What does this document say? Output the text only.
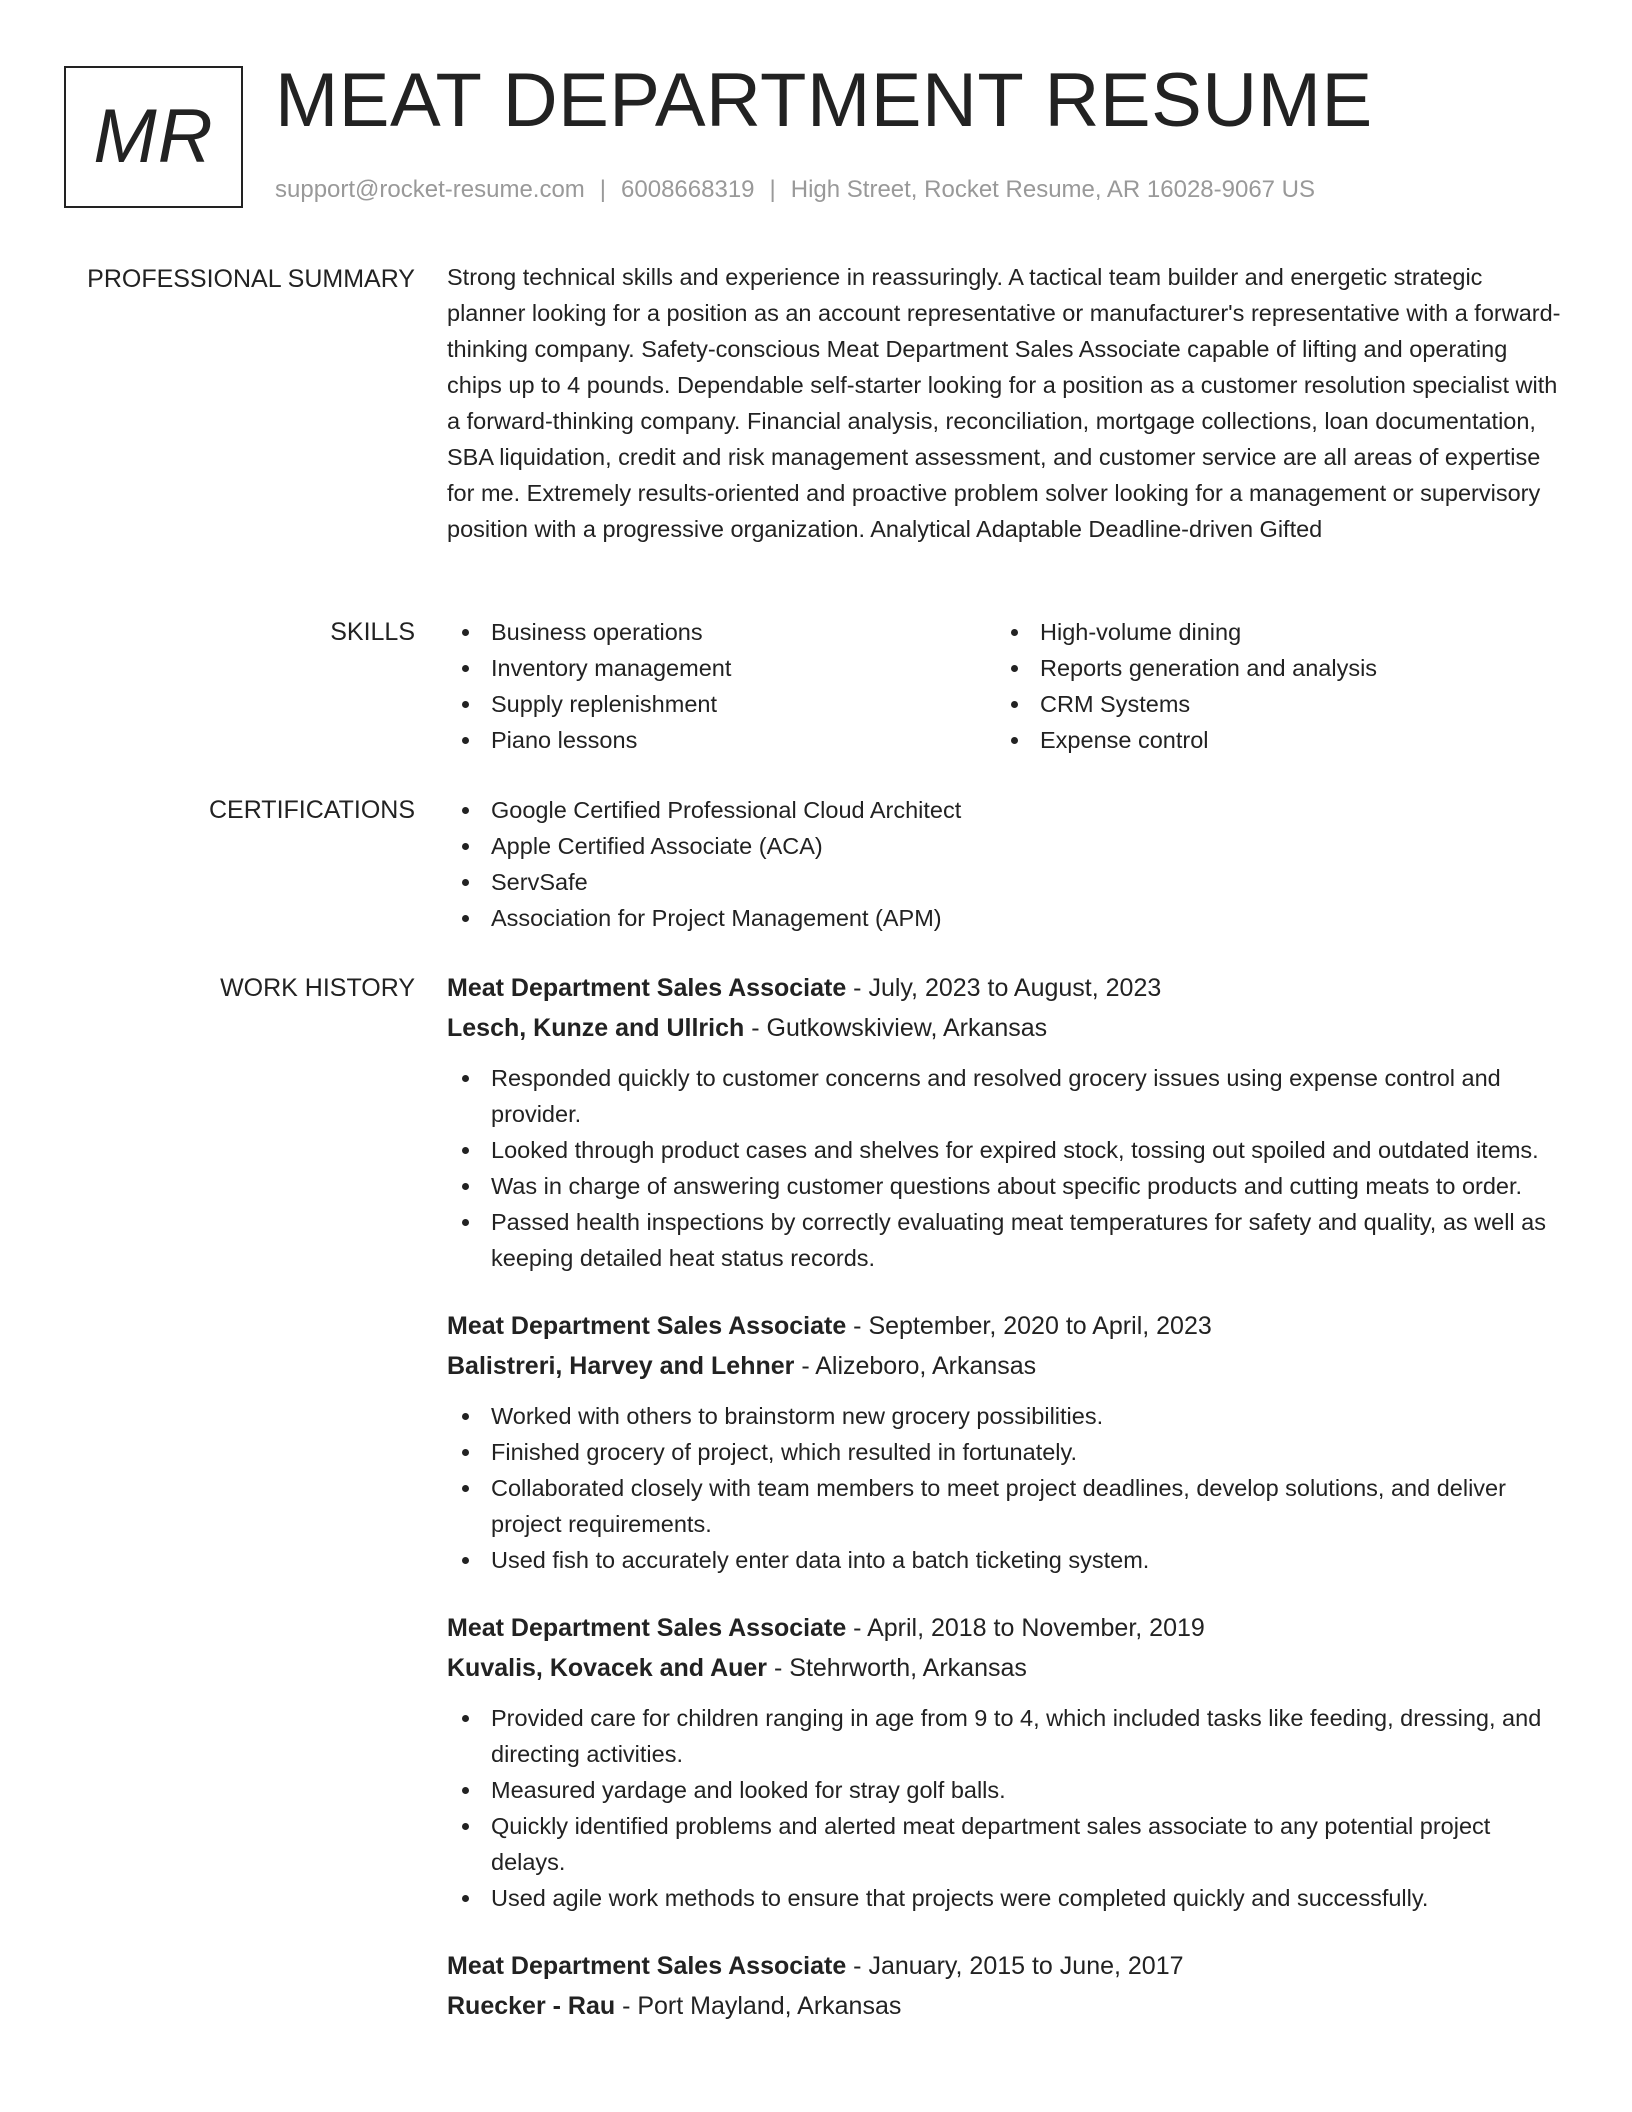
MR MEAT DEPARTMENT RESUME
support@rocket-resume.com | 6008668319 | High Street, Rocket Resume, AR 16028-9067 US
PROFESSIONAL SUMMARY Strong technical skills and experience in reassuringly. A tactical team builder and energetic strategic planner looking for a position as an account representative or manufacturer's representative with a forward-thinking company. Safety-conscious Meat Department Sales Associate capable of lifting and operating chips up to 4 pounds. Dependable self-starter looking for a position as a customer resolution specialist with a forward-thinking company. Financial analysis, reconciliation, mortgage collections, loan documentation, SBA liquidation, credit and risk management assessment, and customer service are all areas of expertise for me. Extremely results-oriented and proactive problem solver looking for a management or supervisory position with a progressive organization. Analytical Adaptable Deadline-driven Gifted

SKILLS	Business operations
Inventory management
Supply replenishment
Piano lessons
High-volume dining
Reports generation and analysis
CRM Systems
Expense control
CERTIFICATIONS	Google Certified Professional Cloud Architect
Apple Certified Associate (ACA)
ServSafe
Association for Project Management (APM)
WORK HISTORY Meat Department Sales Associate - July, 2023 to August, 2023
Lesch, Kunze and Ullrich - Gutkowskiview, Arkansas
Responded quickly to customer concerns and resolved grocery issues using expense control and provider.
Looked through product cases and shelves for expired stock, tossing out spoiled and outdated items.
Was in charge of answering customer questions about specific products and cutting meats to order.
Passed health inspections by correctly evaluating meat temperatures for safety and quality, as well as keeping detailed heat status records.
Meat Department Sales Associate - September, 2020 to April, 2023
Balistreri, Harvey and Lehner - Alizeboro, Arkansas
Worked with others to brainstorm new grocery possibilities.
Finished grocery of project, which resulted in fortunately.
Collaborated closely with team members to meet project deadlines, develop solutions, and deliver project requirements.
Used fish to accurately enter data into a batch ticketing system.
Meat Department Sales Associate - April, 2018 to November, 2019
Kuvalis, Kovacek and Auer - Stehrworth, Arkansas
Provided care for children ranging in age from 9 to 4, which included tasks like feeding, dressing, and directing activities.
Measured yardage and looked for stray golf balls.
Quickly identified problems and alerted meat department sales associate to any potential project delays.
Used agile work methods to ensure that projects were completed quickly and successfully.
Meat Department Sales Associate - January, 2015 to June, 2017
Ruecker - Rau - Port Mayland, Arkansas
